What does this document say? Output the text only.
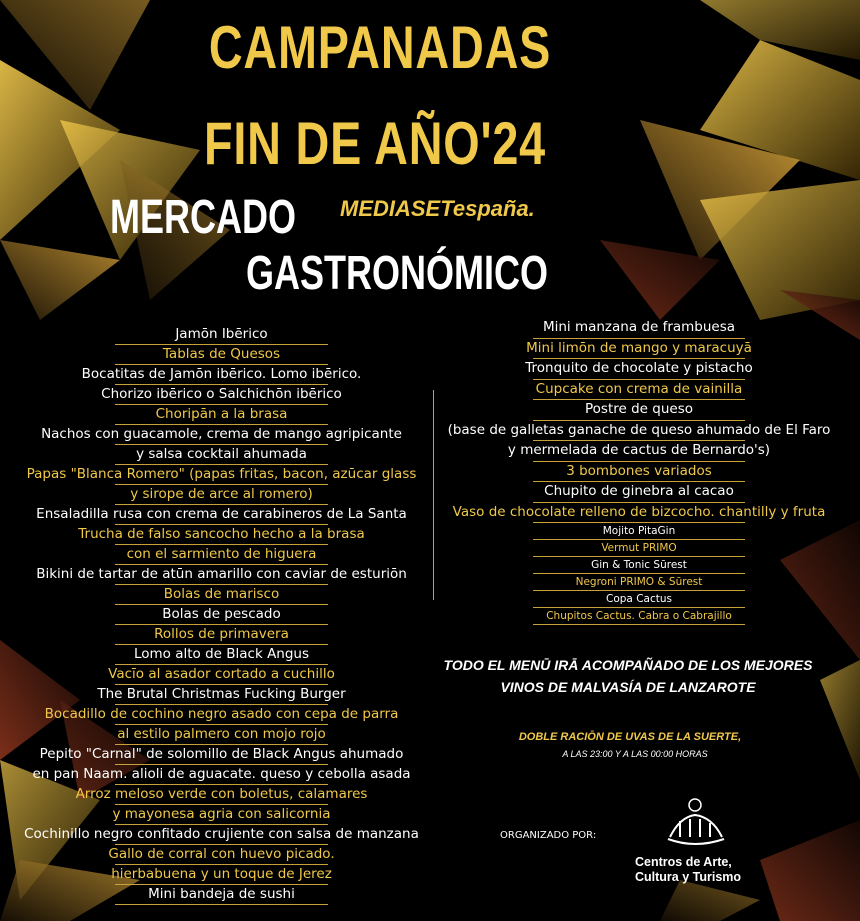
CAMPANADAS
FIN DE AÑO'24
MEDIASETespaña.
MERCADO
GASTRONÓMICO
Jamōn Ibērico
Tablas de Quesos
Bocatitas de Jamōn ibērico. Lomo ibērico.
Chorizo ibērico o Salchichōn ibērico
Choripān a la brasa
Nachos con guacamole, crema de mango agripicante
y salsa cocktail ahumada
Papas "Blanca Romero" (papas fritas, bacon, azūcar glass
y sirope de arce al romero)
Ensaladilla rusa con crema de carabineros de La Santa
Trucha de falso sancocho hecho a la brasa
con el sarmiento de higuera
Bikini de tartar de atūn amarillo con caviar de esturiōn
Bolas de marisco
Bolas de pescado
Rollos de primavera
Lomo alto de Black Angus
Vacīo al asador cortado a cuchillo
The Brutal Christmas Fucking Burger
Bocadillo de cochino negro asado con cepa de parra
al estilo palmero con mojo rojo
Pepito "Carnal" de solomillo de Black Angus ahumado
en pan Naam. alioli de aguacate. queso y cebolla asada
Arroz meloso verde con boletus, calamares
y mayonesa agria con salicornia
Cochinillo negro confitado crujiente con salsa de manzana
Gallo de corral con huevo picado.
hierbabuena y un toque de Jerez
Mini bandeja de sushi
Mini manzana de frambuesa
Mini limōn de mango y maracuyā
Tronquito de chocolate y pistacho
Cupcake con crema de vainilla
Postre de queso
(base de galletas ganache de queso ahumado de El Faro
y mermelada de cactus de Bernardo's)
3 bombones variados
Chupito de ginebra al cacao
Vaso de chocolate relleno de bizcocho. chantilly y fruta
Mojito PitaGin
Vermut PRIMO
Gin & Tonic Sūrest
Negroni PRIMO & Sūrest
Copa Cactus
Chupitos Cactus. Cabra o Cabrajillo
TODO EL MENŪ IRĀ ACOMPAÑADO DE LOS MEJORES
VINOS DE MALVASÍA DE LANZAROTE
DOBLE RACIŌN DE UVAS DE LA SUERTE,
A LAS 23:00 Y A LAS 00:00 HORAS
ORGANIZADO POR:
Centros de Arte,
Cultura y Turismo
